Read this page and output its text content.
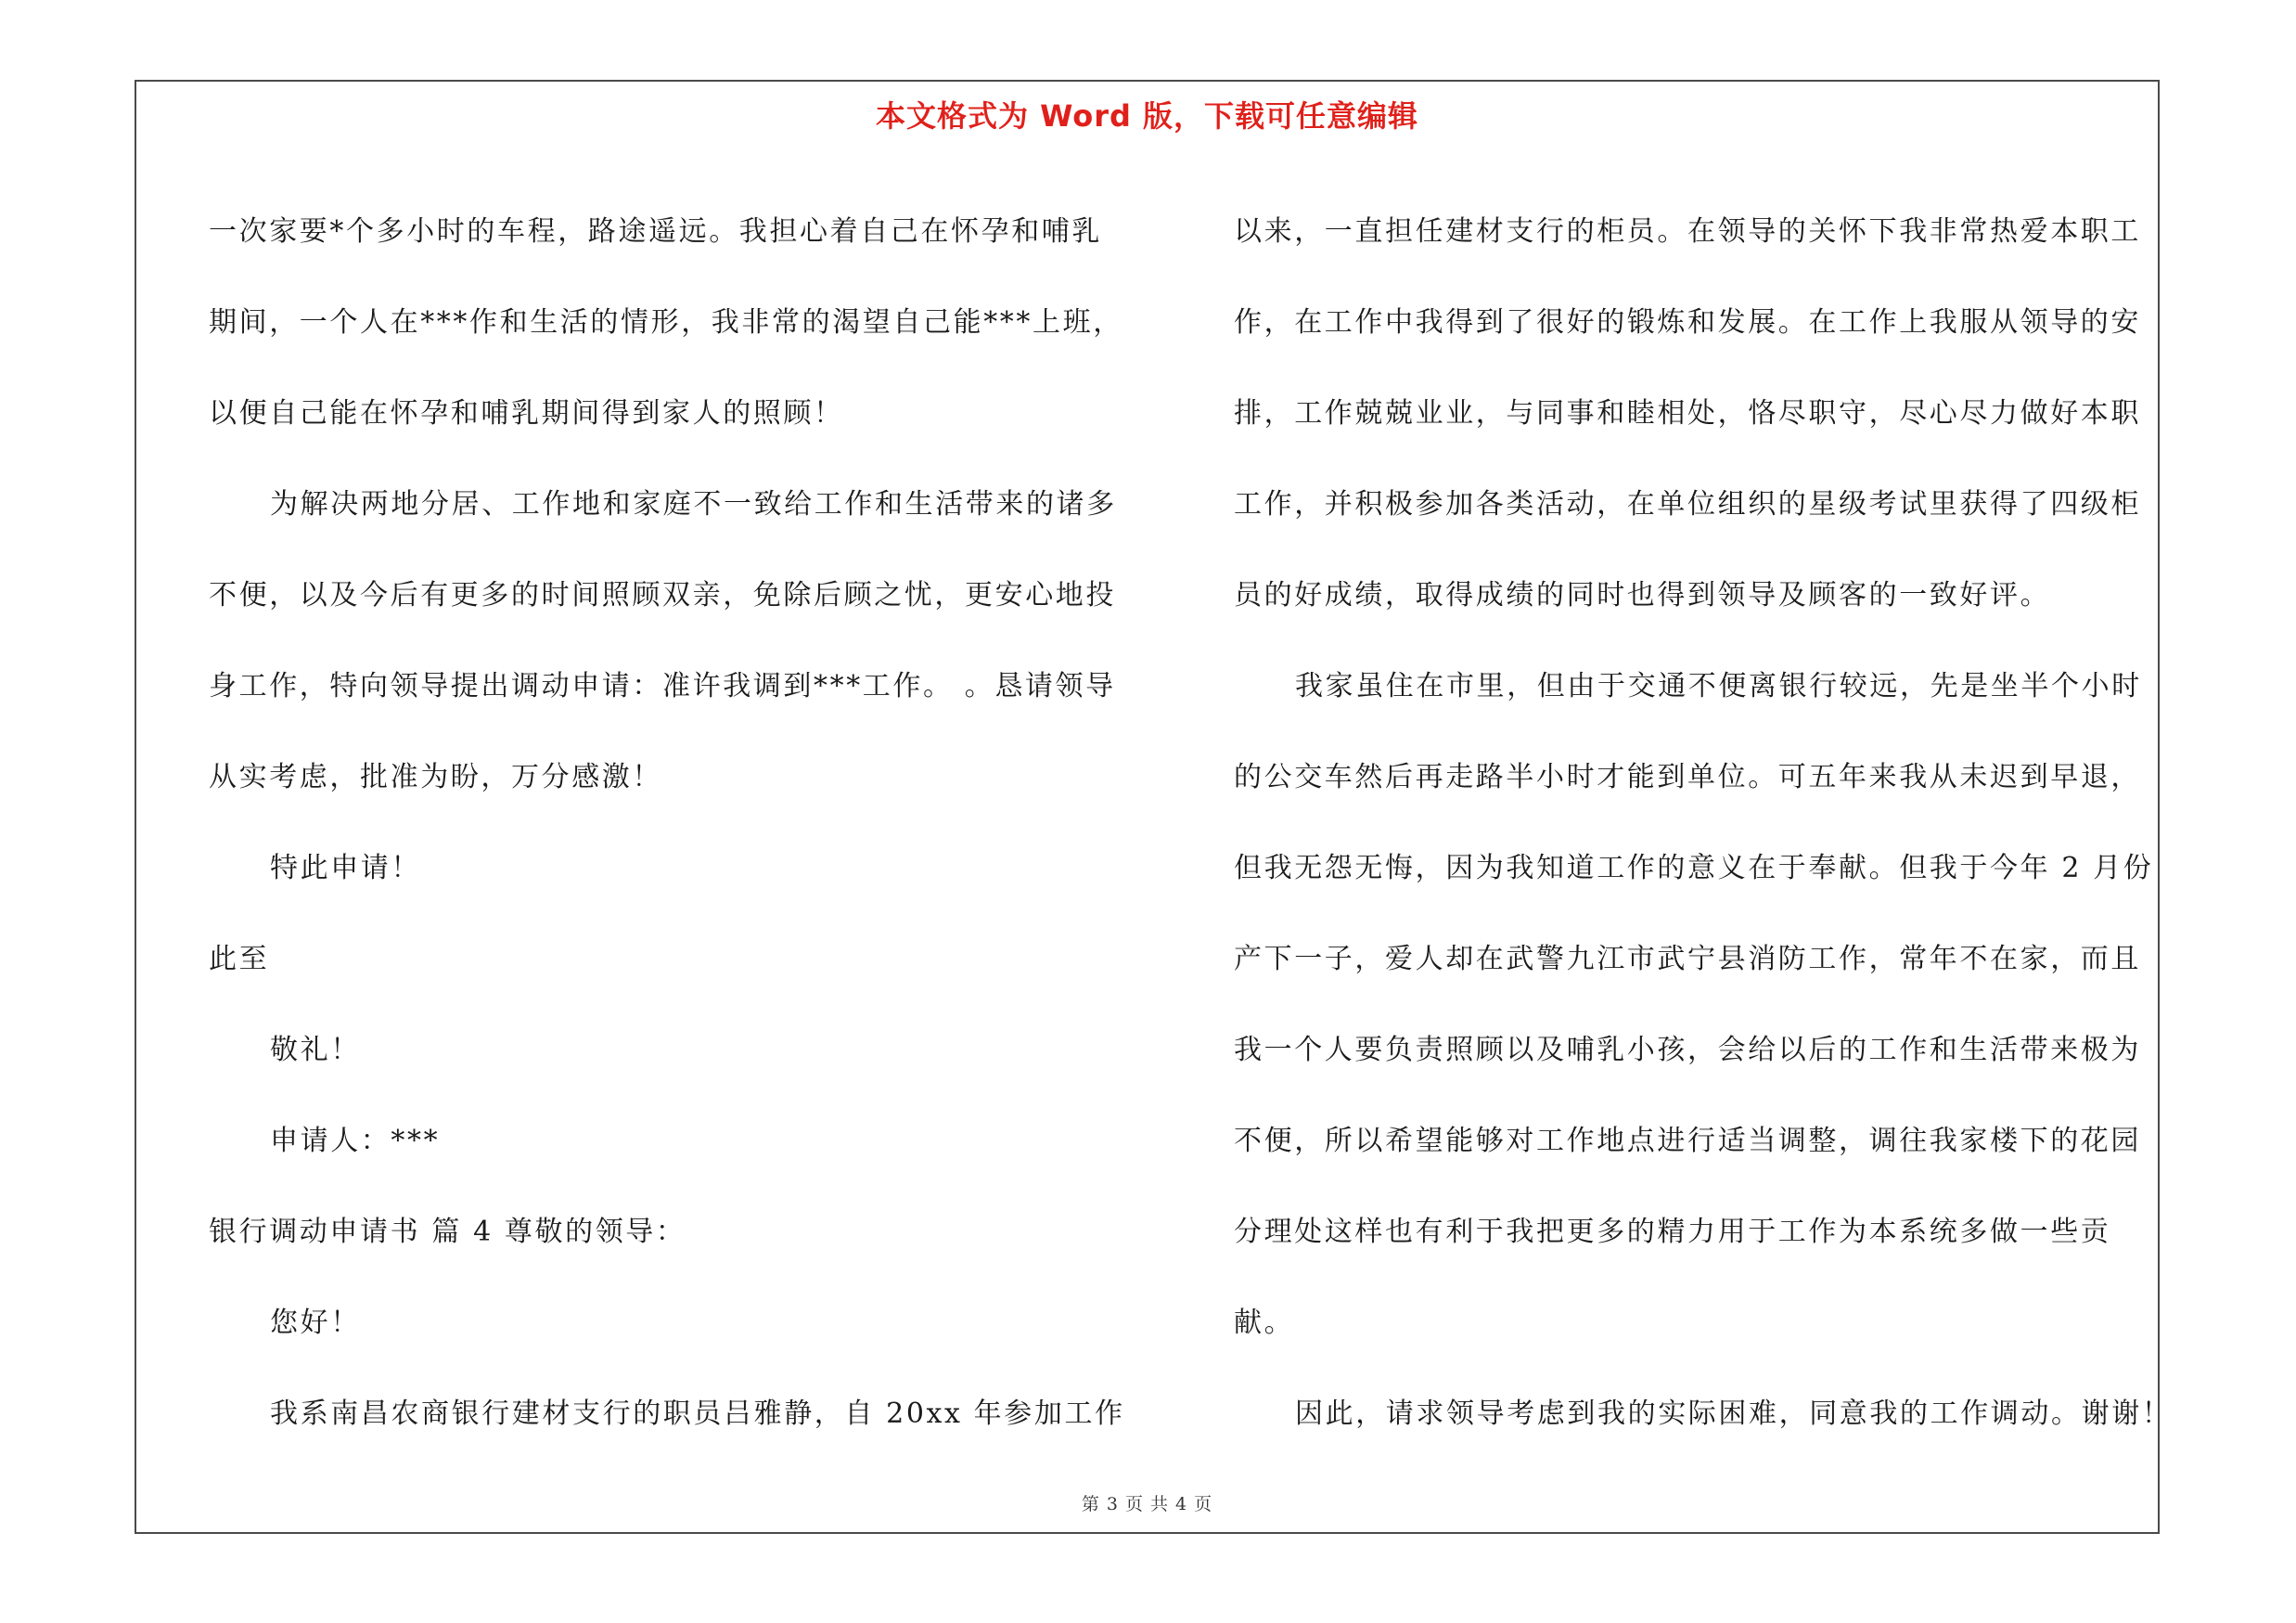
本文格式为 Word 版，下载可任意编辑
一次家要*个多小时的车程，路途遥远。我担心着自己在怀孕和哺乳
期间，一个人在***作和生活的情形，我非常的渴望自己能***上班，
以便自己能在怀孕和哺乳期间得到家人的照顾！
为解决两地分居、工作地和家庭不一致给工作和生活带来的诸多
不便，以及今后有更多的时间照顾双亲，免除后顾之忧，更安心地投
身工作，特向领导提出调动申请：准许我调到***工作。 。恳请领导
从实考虑，批准为盼，万分感激！
特此申请！
此至
敬礼！
申请人：***
银行调动申请书 篇 4 尊敬的领导：
您好！
我系南昌农商银行建材支行的职员吕雅静，自 20xx 年参加工作
以来，一直担任建材支行的柜员。在领导的关怀下我非常热爱本职工
作，在工作中我得到了很好的锻炼和发展。在工作上我服从领导的安
排，工作兢兢业业，与同事和睦相处，恪尽职守，尽心尽力做好本职
工作，并积极参加各类活动，在单位组织的星级考试里获得了四级柜
员的好成绩，取得成绩的同时也得到领导及顾客的一致好评。
我家虽住在市里，但由于交通不便离银行较远，先是坐半个小时
的公交车然后再走路半小时才能到单位。可五年来我从未迟到早退，
但我无怨无悔，因为我知道工作的意义在于奉献。但我于今年 2 月份
产下一子，爱人却在武警九江市武宁县消防工作，常年不在家，而且
我一个人要负责照顾以及哺乳小孩，会给以后的工作和生活带来极为
不便，所以希望能够对工作地点进行适当调整，调往我家楼下的花园
分理处这样也有利于我把更多的精力用于工作为本系统多做一些贡
献。
因此，请求领导考虑到我的实际困难，同意我的工作调动。谢谢！
第 3 页 共 4 页
